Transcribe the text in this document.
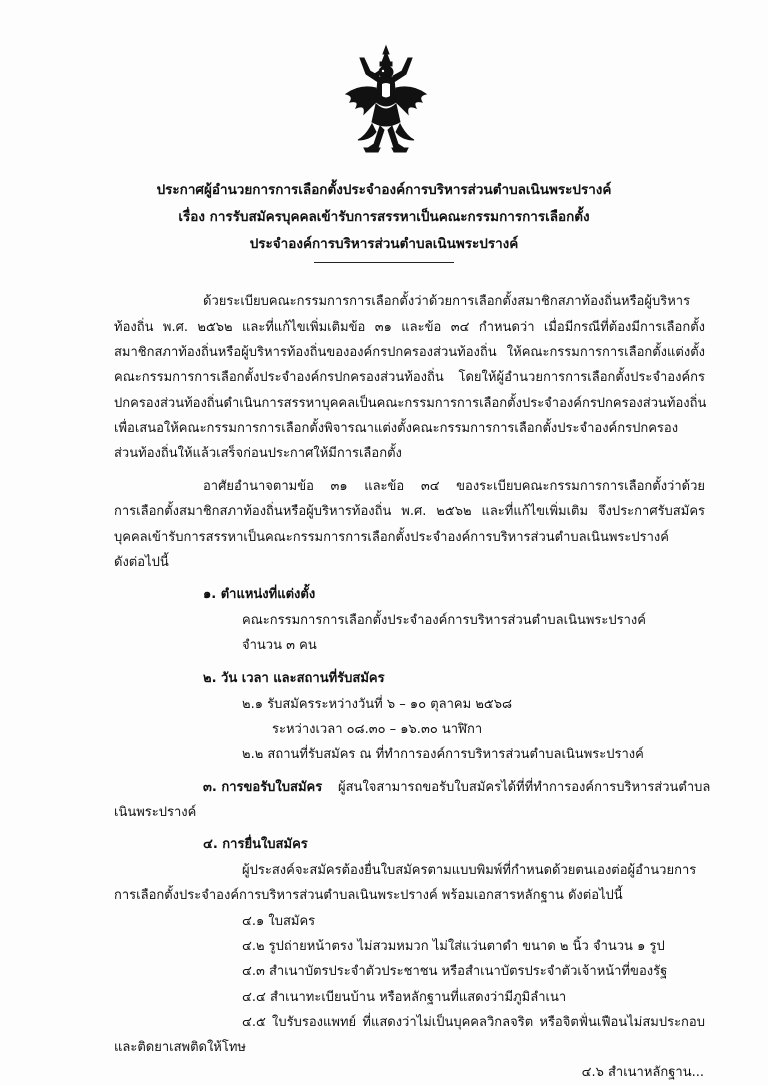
ประกาศผู้อำนวยการการเลือกตั้งประจำองค์การบริหารส่วนตำบลเนินพระปรางค์
เรื่อง การรับสมัครบุคคลเข้ารับการสรรหาเป็นคณะกรรมการการเลือกตั้ง
ประจำองค์การบริหารส่วนตำบลเนินพระปรางค์
ด้วยระเบียบคณะกรรมการการเลือกตั้งว่าด้วยการเลือกตั้งสมาชิกสภาท้องถิ่นหรือผู้บริหาร
ท้องถิ่น พ.ศ. ๒๕๖๒ และที่แก้ไขเพิ่มเติมข้อ ๓๑ และข้อ ๓๔ กำหนดว่า เมื่อมีกรณีที่ต้องมีการเลือกตั้ง
สมาชิกสภาท้องถิ่นหรือผู้บริหารท้องถิ่นขององค์กรปกครองส่วนท้องถิ่น ให้คณะกรรมการการเลือกตั้งแต่งตั้ง
คณะกรรมการการเลือกตั้งประจำองค์กรปกครองส่วนท้องถิ่น โดยให้ผู้อำนวยการการเลือกตั้งประจำองค์กร
ปกครองส่วนท้องถิ่นดำเนินการสรรหาบุคคลเป็นคณะกรรมการการเลือกตั้งประจำองค์กรปกครองส่วนท้องถิ่น
เพื่อเสนอให้คณะกรรมการการเลือกตั้งพิจารณาแต่งตั้งคณะกรรมการการเลือกตั้งประจำองค์กรปกครอง
ส่วนท้องถิ่นให้แล้วเสร็จก่อนประกาศให้มีการเลือกตั้ง
อาศัยอำนาจตามข้อ ๓๑ และข้อ ๓๔ ของระเบียบคณะกรรมการการเลือกตั้งว่าด้วย
การเลือกตั้งสมาชิกสภาท้องถิ่นหรือผู้บริหารท้องถิ่น พ.ศ. ๒๕๖๒ และที่แก้ไขเพิ่มเติม จึงประกาศรับสมัคร
บุคคลเข้ารับการสรรหาเป็นคณะกรรมการการเลือกตั้งประจำองค์การบริหารส่วนตำบลเนินพระปรางค์
ดังต่อไปนี้
๑. ตำแหน่งที่แต่งตั้ง
คณะกรรมการการเลือกตั้งประจำองค์การบริหารส่วนตำบลเนินพระปรางค์
จำนวน ๓ คน
๒. วัน เวลา และสถานที่รับสมัคร
๒.๑ รับสมัครระหว่างวันที่ ๖ – ๑๐ ตุลาคม ๒๕๖๘
ระหว่างเวลา ๐๘.๓๐ – ๑๖.๓๐ นาฬิกา
๒.๒ สถานที่รับสมัคร ณ ที่ทำการองค์การบริหารส่วนตำบลเนินพระปรางค์
๓. การขอรับใบสมัคร ผู้สนใจสามารถขอรับใบสมัครได้ที่ที่ทำการองค์การบริหารส่วนตำบล
เนินพระปรางค์
๔. การยื่นใบสมัคร
ผู้ประสงค์จะสมัครต้องยื่นใบสมัครตามแบบพิมพ์ที่กำหนดด้วยตนเองต่อผู้อำนวยการ
การเลือกตั้งประจำองค์การบริหารส่วนตำบลเนินพระปรางค์ พร้อมเอกสารหลักฐาน ดังต่อไปนี้
๔.๑ ใบสมัคร
๔.๒ รูปถ่ายหน้าตรง ไม่สวมหมวก ไม่ใส่แว่นตาดำ ขนาด ๒ นิ้ว จำนวน ๑ รูป
๔.๓ สำเนาบัตรประจำตัวประชาชน หรือสำเนาบัตรประจำตัวเจ้าหน้าที่ของรัฐ
๔.๔ สำเนาทะเบียนบ้าน หรือหลักฐานที่แสดงว่ามีภูมิลำเนา
๔.๕ ใบรับรองแพทย์ ที่แสดงว่าไม่เป็นบุคคลวิกลจริต หรือจิตฟั่นเฟือนไม่สมประกอบ
และติดยาเสพติดให้โทษ
๔.๖ สำเนาหลักฐาน...
